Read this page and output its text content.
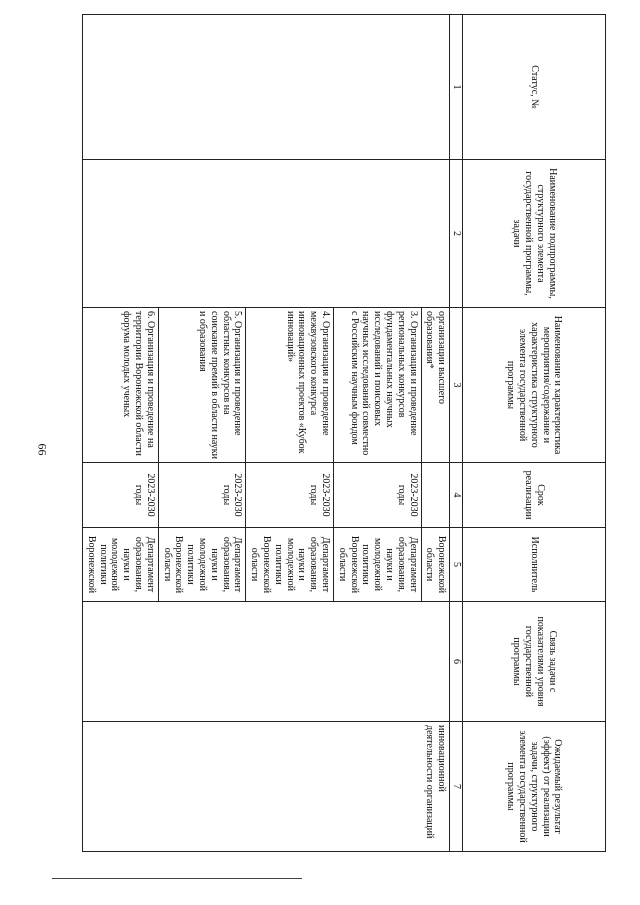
66
Статус, №	Наименование подпрограммы, структурного элемента государственной программы, задачи	Наименование и характеристика мероприятия/содержание и характеристика структурного элемента государственной программы	Срок реализации	Исполнитель	Связь задачи с показателями уровня государственной программы	Ожидаемый результат (эффект) от реализации задачи, структурного элемента государственной программы
1	2	3	4	5	6	7
		организации высшего образования*		Воронежской области		инновационной деятельности организаций
		3. Организация и проведение региональных конкурсов фундаментальных научных исследований и поисковых научных исследований совместно с Российским научным фондом	2023-2030 годы	Департамент образования, науки и молодежной политики Воронежской области		
		4. Организация и проведение межвузовского конкурса инновационных проектов «Кубок инноваций»	2023-2030 годы	Департамент образования, науки и молодежной политики Воронежской области		
		5. Организация и проведение областных конкурсов на соискание премий в области науки и образования	2023-2030 годы	Департамент образования, науки и молодежной политики Воронежской области		
		6. Организация и проведение на территории Воронежской области форума молодых ученых	2023-2030 годы	Департамент образования, науки и молодежной политики Воронежской		
